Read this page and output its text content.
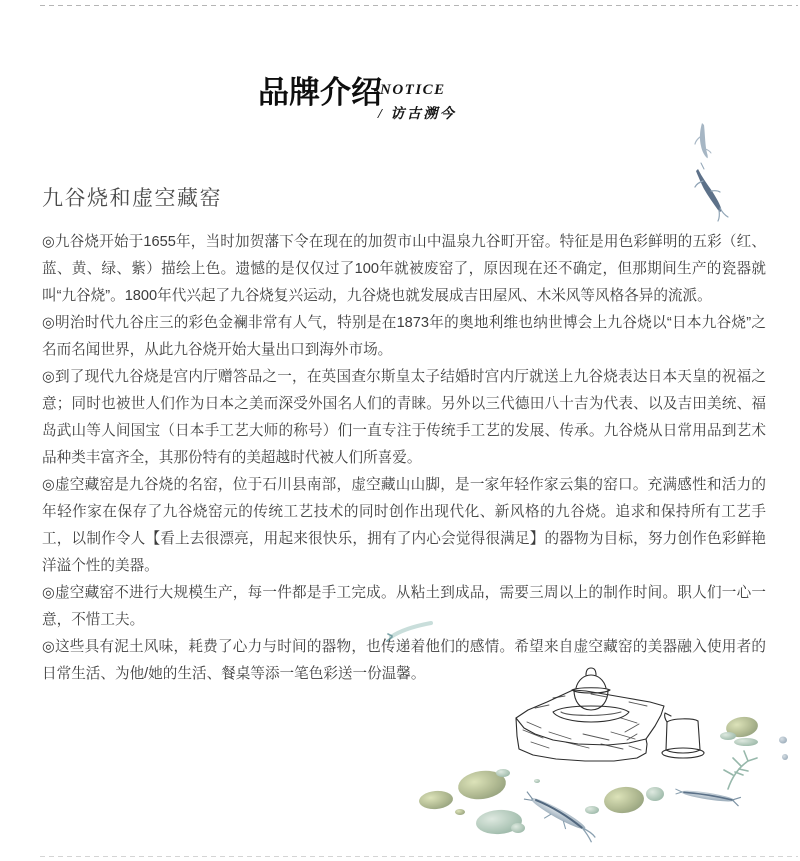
品牌介绍
NOTICE
/ 访古溯今
九谷烧和虚空藏窑

◎九谷烧开始于1655年，当时加贺藩下令在现在的加贺市山中温泉九谷町开窑。特征是用色彩鲜明的五彩（红、蓝、黄、绿、紫）描绘上色。遗憾的是仅仅过了100年就被废窑了，原因现在还不确定，但那期间生产的瓷器就叫“九谷烧”。1800年代兴起了九谷烧复兴运动，九谷烧也就发展成吉田屋风、木米风等风格各异的流派。

◎明治时代九谷庄三的彩色金襕非常有人气，特别是在1873年的奥地利维也纳世博会上九谷烧以“日本九谷烧”之名而名闻世界，从此九谷烧开始大量出口到海外市场。

◎到了现代九谷烧是宫内厅赠答品之一，在英国查尔斯皇太子结婚时宫内厅就送上九谷烧表达日本天皇的祝福之意；同时也被世人们作为日本之美而深受外国名人们的青睐。另外以三代德田八十吉为代表、以及吉田美统、福岛武山等人间国宝（日本手工艺大师的称号）们一直专注于传统手工艺的发展、传承。九谷烧从日常用品到艺术品种类丰富齐全，其那份特有的美超越时代被人们所喜爱。

◎虚空藏窑是九谷烧的名窑，位于石川县南部，虚空藏山山脚，是一家年轻作家云集的窑口。充满感性和活力的年轻作家在保存了九谷烧窑元的传统工艺技术的同时创作出现代化、新风格的九谷烧。追求和保持所有工艺手工，以制作令人【看上去很漂亮，用起来很快乐，拥有了内心会觉得很满足】的器物为目标，努力创作色彩鲜艳洋溢个性的美器。

◎虚空藏窑不进行大规模生产，每一件都是手工完成。从粘土到成品，需要三周以上的制作时间。职人们一心一意，不惜工夫。

◎这些具有泥土风味，耗费了心力与时间的器物，也传递着他们的感情。希望来自虚空藏窑的美器融入使用者的日常生活、为他/她的生活、餐桌等添一笔色彩送一份温馨。
